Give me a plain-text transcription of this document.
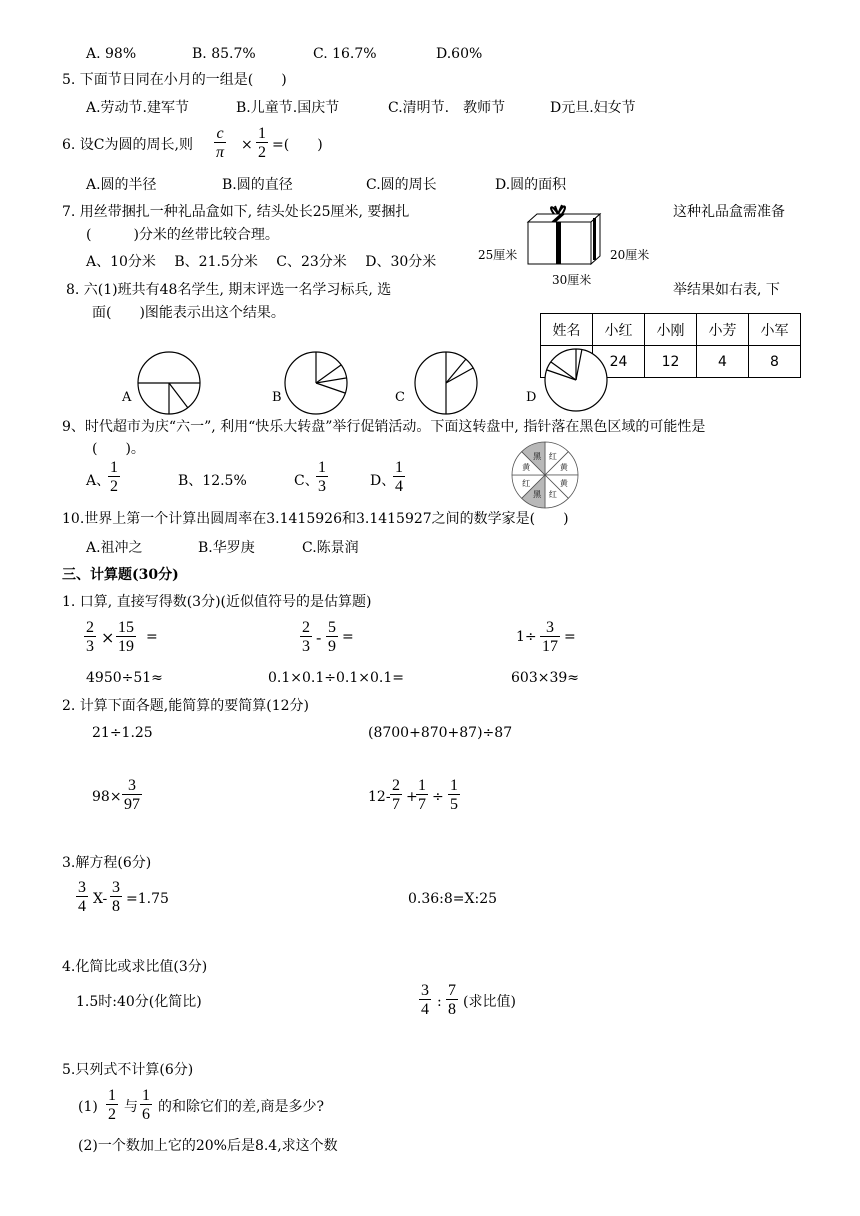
A. 98%	B. 85.7%	C. 16.7%	D.60%
5. 下面节日同在小月的一组是(　　)
A.劳动节.建军节	B.儿童节.国庆节	C.清明节.　教师节	D元旦.妇女节
6. 设C为圆的周长,则 $\frac{c}{\pi} \times \frac{1}{2}$ =(　　)
A.圆的半径	B.圆的直径	C.圆的周长	D.圆的面积
7. 用丝带捆扎一种礼品盒如下, 结头处长25厘米, 要捆扎	这种礼品盒需准备
(　　　)分米的丝带比较合理。
A、10分米　 B、21.5分米　 C、23分米　 D、30分米	25厘米	20厘米
30厘米
8. 六(1)班共有48名学生, 期末评选一名学习标兵, 选	举结果如右表, 下
面(　　)图能表示出这个结果。
姓名	小红	小刚	小芳	小军
	24	12	4	8
A	B	C	D
9、时代超市为庆“六一”, 利用“快乐大转盘”举行促销活动。下面这转盘中, 指针落在黑色区域的可能性是
(　　)。
A、
$\frac{1}{2}$	B、12.5%	C、
$\frac{1}{3}$	D、
$\frac{1}{4}$
红
黄
黄
红
黑
红
黄
黑
10.世界上第一个计算出圆周率在3.1415926和3.1415927之间的数学家是(　　)
A.祖冲之	B.华罗庚	C.陈景润
三、计算题(30分)
1. 口算, 直接写得数(3分)(近似值符号的是估算题)
$\frac{2}{3} \times \frac{15}{19}$ =	$\frac{2}{3} - \frac{5}{9}$ =	$1\div \frac{3}{17}$ =
4950÷51≈	0.1×0.1÷0.1×0.1=	603×39≈
2. 计算下面各题,能简算的要简算(12分)
21÷1.25	(8700+870+87)÷87
$98\times \frac{3}{97}$	$12- \frac{2}{7}$ +
$\frac{1}{7} \div \frac{1}{5}$
3.解方程(6分)
$\frac{3}{4} X- \frac{3}{8} =1.75$	0.36:8=X:25
4.化简比或求比值(3分)
1.5时:40分(化简比)	$\frac{3}{4}$ : $\frac{7}{8}$ (求比值)
5.只列式不计算(6分)
$(1) \frac{1}{2}$ 与 $\frac{1}{6}$ 的和除它们的差,商是多少?
(2)一个数加上它的20%后是8.4,求这个数
